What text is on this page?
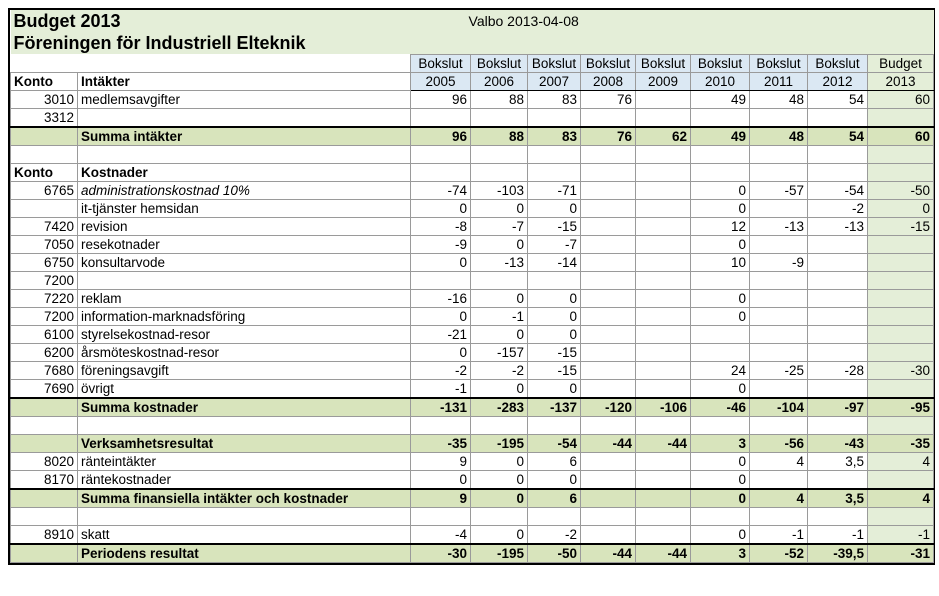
Budget 2013		Valbo 2013-04-08								
Föreningen för Industriell Elteknik										
		Bokslut	Bokslut	Bokslut	Bokslut	Bokslut	Bokslut	Bokslut	Bokslut	Budget
Konto	Intäkter	2005	2006	2007	2008	2009	2010	2011	2012	2013
3010	medlemsavgifter	96	88	83	76		49	48	54	60
3312										
	Summa intäkter	96	88	83	76	62	49	48	54	60

Konto	Kostnader									
6765	administrationskostnad 10%	-74	-103	-71			0	-57	-54	-50
	it-tjänster hemsidan	0	0	0			0		-2	0
7420	revision	-8	-7	-15			12	-13	-13	-15
7050	resekotnader	-9	0	-7			0			
6750	konsultarvode	0	-13	-14			10	-9		
7200										
7220	reklam	-16	0	0			0			
7200	information-marknadsföring	0	-1	0			0			
6100	styrelsekostnad-resor	-21	0	0						
6200	årsmöteskostnad-resor	0	-157	-15						
7680	föreningsavgift	-2	-2	-15			24	-25	-28	-30
7690	övrigt	-1	0	0			0			
	Summa kostnader	-131	-283	-137	-120	-106	-46	-104	-97	-95

	Verksamhetsresultat	-35	-195	-54	-44	-44	3	-56	-43	-35
8020	ränteintäkter	9	0	6			0	4	3,5	4
8170	räntekostnader	0	0	0			0			
	Summa finansiella intäkter och kostnader	9	0	6			0	4	3,5	4

8910	skatt	-4	0	-2			0	-1	-1	-1
	Periodens resultat	-30	-195	-50	-44	-44	3	-52	-39,5	-31
